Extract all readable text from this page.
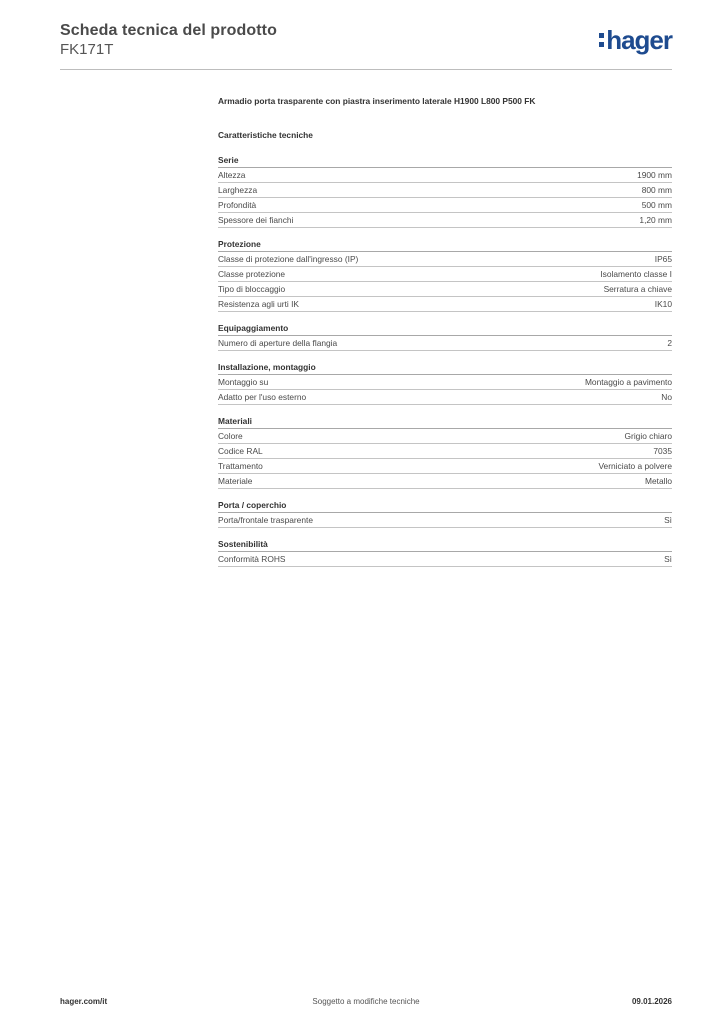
Scheda tecnica del prodotto
FK171T	hager
Armadio porta trasparente con piastra inserimento laterale H1900 L800 P500 FK
Caratteristiche tecniche
Serie
Altezza	1900 mm
Larghezza	800 mm
Profondità	500 mm
Spessore dei fianchi	1,20 mm
Protezione
Classe di protezione dall'ingresso (IP)	IP65
Classe protezione	Isolamento classe I
Tipo di bloccaggio	Serratura a chiave
Resistenza agli urti IK	IK10
Equipaggiamento
Numero di aperture della flangia	2
Installazione, montaggio
Montaggio su	Montaggio a pavimento
Adatto per l'uso esterno	No
Materiali
Colore	Grigio chiaro
Codice RAL	7035
Trattamento	Verniciato a polvere
Materiale	Metallo
Porta / coperchio
Porta/frontale trasparente	Sì
Sostenibilità
Conformità ROHS	Sì
hager.com/it	Soggetto a modifiche tecniche	09.01.2026
